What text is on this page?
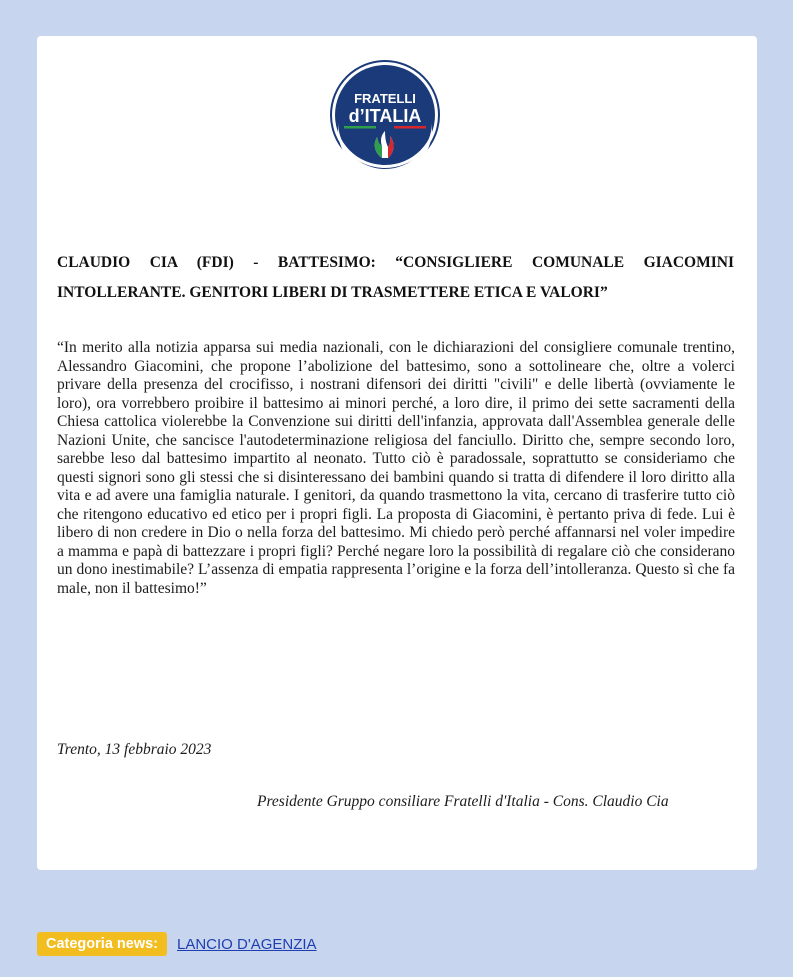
FRATELLI
d’ITALIA

CLAUDIO CIA (FDI) - BATTESIMO: “CONSIGLIERE COMUNALE GIACOMINI INTOLLERANTE. GENITORI LIBERI DI TRASMETTERE ETICA E VALORI”

“In merito alla notizia apparsa sui media nazionali, con le dichiarazioni del consigliere comunale trentino, Alessandro Giacomini, che propone l’abolizione del battesimo, sono a sottolineare che, oltre a volerci privare della presenza del crocifisso, i nostrani difensori dei diritti "civili" e delle libertà (ovviamente le loro), ora vorrebbero proibire il battesimo ai minori perché, a loro dire, il primo dei sette sacramenti della Chiesa cattolica violerebbe la Convenzione sui diritti dell'infanzia, approvata dall'Assemblea generale delle Nazioni Unite, che sancisce l'autodeterminazione religiosa del fanciullo. Diritto che, sempre secondo loro, sarebbe leso dal battesimo impartito al neonato. Tutto ciò è paradossale, soprattutto se consideriamo che questi signori sono gli stessi che si disinteressano dei bambini quando si tratta di difendere il loro diritto alla vita e ad avere una famiglia naturale. I genitori, da quando trasmettono la vita, cercano di trasferire tutto ciò che ritengono educativo ed etico per i propri figli. La proposta di Giacomini, è pertanto priva di fede. Lui è libero di non credere in Dio o nella forza del battesimo. Mi chiedo però perché affannarsi nel voler impedire a mamma e papà di battezzare i propri figli? Perché negare loro la possibilità di regalare ciò che considerano un dono inestimabile? L’assenza di empatia rappresenta l’origine e la forza dell’intolleranza. Questo sì che fa male, non il battesimo!”

Trento, 13 febbraio 2023

Presidente Gruppo consiliare Fratelli d'Italia - Cons. Claudio Cia

Categoria news:	LANCIO D'AGENZIA
